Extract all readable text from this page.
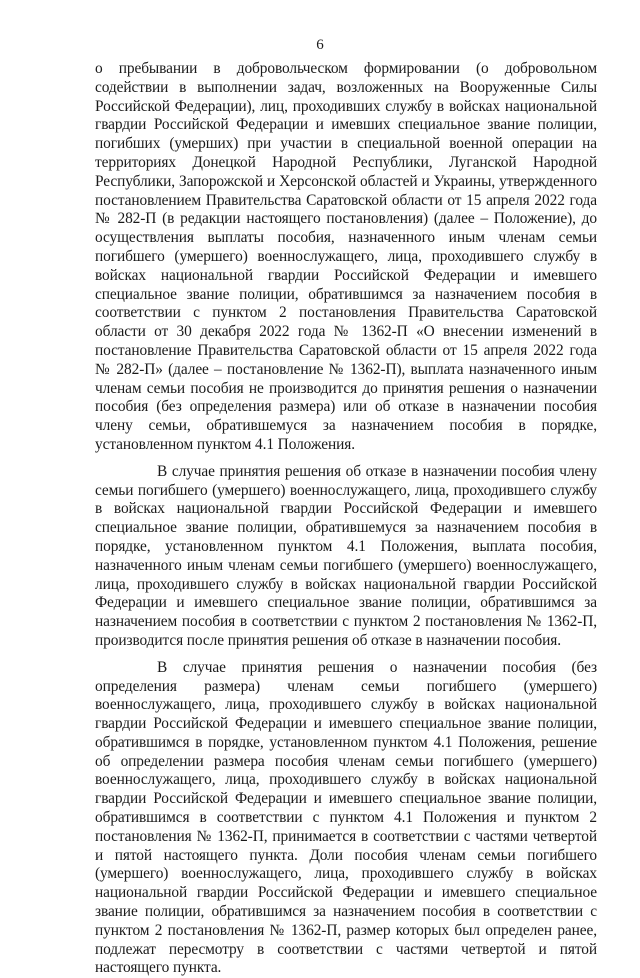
6

о пребывании в добровольческом формировании (о добровольном содействии в выполнении задач, возложенных на Вооруженные Силы Российской Федерации), лиц, проходивших службу в войсках национальной гвардии Российской Федерации и имевших специальное звание полиции, погибших (умерших) при участии в специальной военной операции на территориях Донецкой Народной Республики, Луганской Народной Республики, Запорожской и Херсонской областей и Украины, утвержденного постановлением Правительства Саратовской области от 15 апреля 2022 года № 282-П (в редакции настоящего постановления) (далее – Положение), до осуществления выплаты пособия, назначенного иным членам семьи погибшего (умершего) военнослужащего, лица, проходившего службу в войсках национальной гвардии Российской Федерации и имевшего специальное звание полиции, обратившимся за назначением пособия в соответствии с пунктом 2 постановления Правительства Саратовской области от 30 декабря 2022 года № 1362-П «О внесении изменений в постановление Правительства Саратовской области от 15 апреля 2022 года № 282-П» (далее – постановление № 1362-П), выплата назначенного иным членам семьи пособия не производится до принятия решения о назначении пособия (без определения размера) или об отказе в назначении пособия члену семьи, обратившемуся за назначением пособия в порядке, установленном пунктом 4.1 Положения.

В случае принятия решения об отказе в назначении пособия члену семьи погибшего (умершего) военнослужащего, лица, проходившего службу в войсках национальной гвардии Российской Федерации и имевшего специальное звание полиции, обратившемуся за назначением пособия в порядке, установленном пунктом 4.1 Положения, выплата пособия, назначенного иным членам семьи погибшего (умершего) военнослужащего, лица, проходившего службу в войсках национальной гвардии Российской Федерации и имевшего специальное звание полиции, обратившимся за назначением пособия в соответствии с пунктом 2 постановления № 1362-П, производится после принятия решения об отказе в назначении пособия.

В случае принятия решения о назначении пособия (без определения размера) членам семьи погибшего (умершего) военнослужащего, лица, проходившего службу в войсках национальной гвардии Российской Федерации и имевшего специальное звание полиции, обратившимся в порядке, установленном пунктом 4.1 Положения, решение об определении размера пособия членам семьи погибшего (умершего) военнослужащего, лица, проходившего службу в войсках национальной гвардии Российской Федерации и имевшего специальное звание полиции, обратившимся в соответствии с пунктом 4.1 Положения и пунктом 2 постановления № 1362-П, принимается в соответствии с частями четвертой и пятой настоящего пункта. Доли пособия членам семьи погибшего (умершего) военнослужащего, лица, проходившего службу в войсках национальной гвардии Российской Федерации и имевшего специальное звание полиции, обратившимся за назначением пособия в соответствии с пунктом 2 постановления № 1362-П, размер которых был определен ранее, подлежат пересмотру в соответствии с частями четвертой и пятой настоящего пункта.
